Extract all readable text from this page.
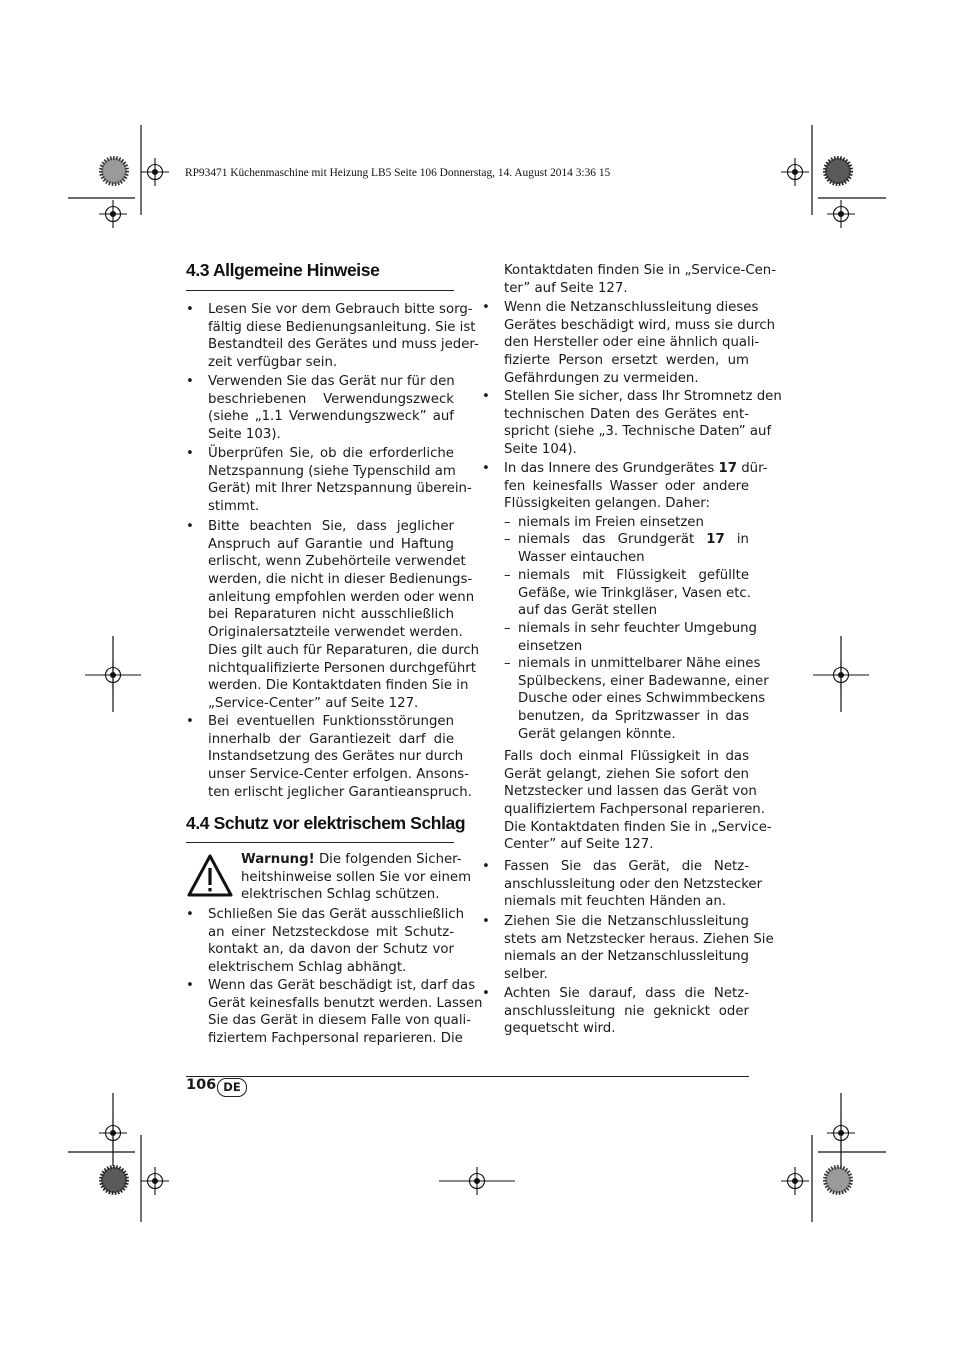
RP93471 Küchenmaschine mit Heizung LB5 Seite 106 Donnerstag, 14. August 2014 3:36 15
4.3 Allgemeine Hinweise
•	Lesen Sie vor dem Gebrauch bitte sorg-
fältig diese Bedienungsanleitung. Sie ist
Bestandteil des Gerätes und muss jeder-
zeit verfügbar sein.
•	Verwenden Sie das Gerät nur für den
beschriebenen Verwendungszweck
(siehe „1.1 Verwendungszweck” auf
Seite 103).
•	Überprüfen Sie, ob die erforderliche
Netzspannung (siehe Typenschild am
Gerät) mit Ihrer Netzspannung überein-
stimmt.
•	Bitte beachten Sie, dass jeglicher
Anspruch auf Garantie und Haftung
erlischt, wenn Zubehörteile verwendet
werden, die nicht in dieser Bedienungs-
anleitung empfohlen werden oder wenn
bei Reparaturen nicht ausschließlich
Originalersatzteile verwendet werden.
Dies gilt auch für Reparaturen, die durch
nichtqualifizierte Personen durchgeführt
werden. Die Kontaktdaten finden Sie in
„Service-Center” auf Seite 127.
•	Bei eventuellen Funktionsstörungen
innerhalb der Garantiezeit darf die
Instandsetzung des Gerätes nur durch
unser Service-Center erfolgen. Ansons-
ten erlischt jeglicher Garantieanspruch.
4.4 Schutz vor elektrischem Schlag
•	Schließen Sie das Gerät ausschließlich
an einer Netzsteckdose mit Schutz-
kontakt an, da davon der Schutz vor
elektrischem Schlag abhängt.
•	Wenn das Gerät beschädigt ist, darf das
Gerät keinesfalls benutzt werden. Lassen
Sie das Gerät in diesem Falle von quali-
fiziertem Fachpersonal reparieren. Die
Warnung! Die folgenden Sicher-
heitshinweise sollen Sie vor einem
elektrischen Schlag schützen.
Kontaktdaten finden Sie in „Service-Cen-
ter” auf Seite 127.
•	Wenn die Netzanschlussleitung dieses
Gerätes beschädigt wird, muss sie durch
den Hersteller oder eine ähnlich quali-
fizierte Person ersetzt werden, um
Gefährdungen zu vermeiden.
•	Stellen Sie sicher, dass Ihr Stromnetz den
technischen Daten des Gerätes ent-
spricht (siehe „3. Technische Daten” auf
Seite 104).
•	In das Innere des Grundgerätes 17 dür-
fen keinesfalls Wasser oder andere
Flüssigkeiten gelangen. Daher:
– niemals im Freien einsetzen
– niemals das Grundgerät 17 in
Wasser eintauchen
– niemals mit Flüssigkeit gefüllte
Gefäße, wie Trinkgläser, Vasen etc.
auf das Gerät stellen
– niemals in sehr feuchter Umgebung
einsetzen
– niemals in unmittelbarer Nähe eines
Spülbeckens, einer Badewanne, einer
Dusche oder eines Schwimmbeckens
benutzen, da Spritzwasser in das
Gerät gelangen könnte.
Falls doch einmal Flüssigkeit in das
Gerät gelangt, ziehen Sie sofort den
Netzstecker und lassen das Gerät von
qualifiziertem Fachpersonal reparieren.
Die Kontaktdaten finden Sie in „Service-
Center” auf Seite 127.
•	Fassen Sie das Gerät, die Netz-
anschlussleitung oder den Netzstecker
niemals mit feuchten Händen an.
•	Ziehen Sie die Netzanschlussleitung
stets am Netzstecker heraus. Ziehen Sie
niemals an der Netzanschlussleitung
selber.
•	Achten Sie darauf, dass die Netz-
anschlussleitung nie geknickt oder
gequetscht wird.
106 DE
